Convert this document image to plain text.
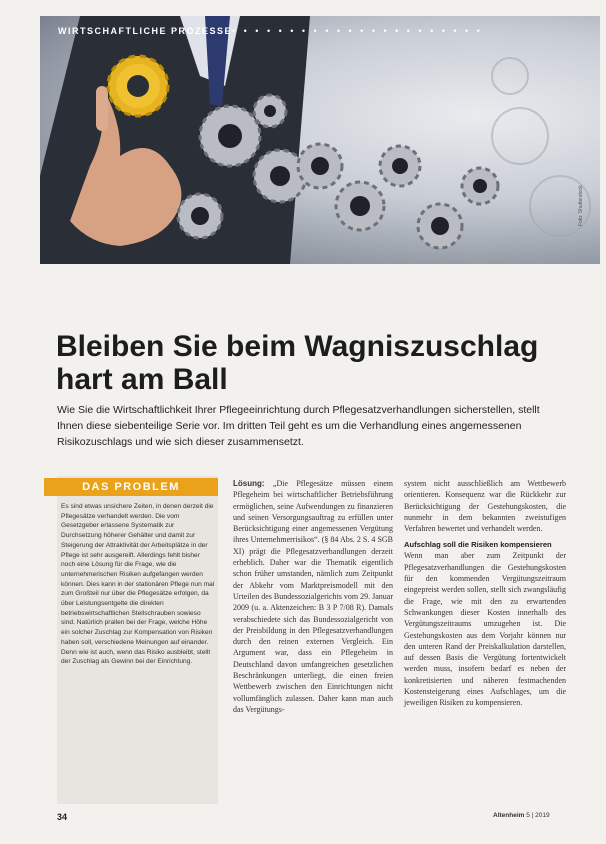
WIRTSCHAFTLICHE PROZESSE • • • • • • • • • • • • • • • • • • • • • •
Foto: Shutterstock
Bleiben Sie beim Wagniszuschlag hart am Ball

Wie Sie die Wirtschaftlichkeit Ihrer Pflegeeinrichtung durch Pflegesatzverhandlungen sicherstellen, stellt Ihnen diese siebenteilige Serie vor. Im dritten Teil geht es um die Verhandlung eines angemessenen Risikozuschlags und wie sich dieser zusammensetzt.

DAS PROBLEM

Es sind etwas unsichere Zeiten, in denen derzeit die Pflegesätze verhandelt werden. Die vom Gesetzgeber erlassene Systematik zur Durchsetzung höherer Gehälter und damit zur Steigerung der Attraktivität der Arbeitsplätze in der Pflege ist sehr ausgereift. Allerdings fehlt bisher noch eine Lösung für die Frage, wie die unternehmerischen Risiken aufgefangen werden können. Dies kann in der stationären Pflege nun mal zum Großteil nur über die Pflegesätze erfolgen, da über Leistungsentgelte die direkten betriebswirtschaftlichen Stellschrauben sowieso sind. Natürlich prallen bei der Frage, welche Höhe ein solcher Zuschlag zur Kompensation von Risiken haben soll, verschiedene Meinungen auf einander. Denn wie ist auch, wenn das Risiko ausbleibt, stellt der Zuschlag als Gewinn bei der Einrichtung.

Lösung: „Die Pflegesätze müssen einem Pflegeheim bei wirtschaftlicher Betriebsführung ermöglichen, seine Aufwendungen zu finanzieren und seinen Versorgungsauftrag zu erfüllen unter Berücksichtigung einer angemessenen Vergütung ihres Unternehmerrisikos“. (§ 84 Abs. 2 S. 4 SGB XI) prägt die Pflegesatzverhandlungen derzeit erheblich. Daher war die Thematik eigentlich schon früher umstanden, nämlich zum Zeitpunkt der Abkehr vom Marktpreismodell mit den Urteilen des Bundessozialgerichts vom 29. Januar 2009 (u. a. Aktenzeichen: B 3 P 7/08 R). Damals verabschiedete sich das Bundessozialgericht von der Preisbildung in den Pflegesatzverhandlungen durch den reinen externen Vergleich. Ein Argument war, dass ein Pflegeheim in Deutschland davon umfangreichen gesetzlichen Beschränkungen unterliegt, die einen freien Wettbewerb zwischen den Einrichtungen nicht vollumfänglich zulassen. Daher kann man auch das Vergütungs-

system nicht ausschließlich am Wettbewerb orientieren. Konsequenz war die Rückkehr zur Berücksichtigung der Gestehungskosten, die nunmehr in dem bekannten zweistufigen Verfahren bewertet und verhandelt werden.

Aufschlag soll die Risiken kompensieren

Wenn man aber zum Zeitpunkt der Pflegesatzverhandlungen die Gestehungskosten für den kommenden Vergütungszeitraum eingepreist werden sollen, stellt sich zwangsläufig die Frage, wie mit den zu erwartenden Schwankungen dieser Kosten innerhalb des Vergütungszeitraums umzugehen ist. Die Gestehungskosten aus dem Vorjahr können nur den unteren Rand der Preiskalkulation darstellen, auf dessen Basis die Vergütung fortentwickelt werden muss, insofern bedarf es neben der konkretisierten und näheren festmachenden Kostensteigerung eines Aufschlages, um die jeweiligen Risiken zu kompensieren.

34	Altenheim 5 | 2019
